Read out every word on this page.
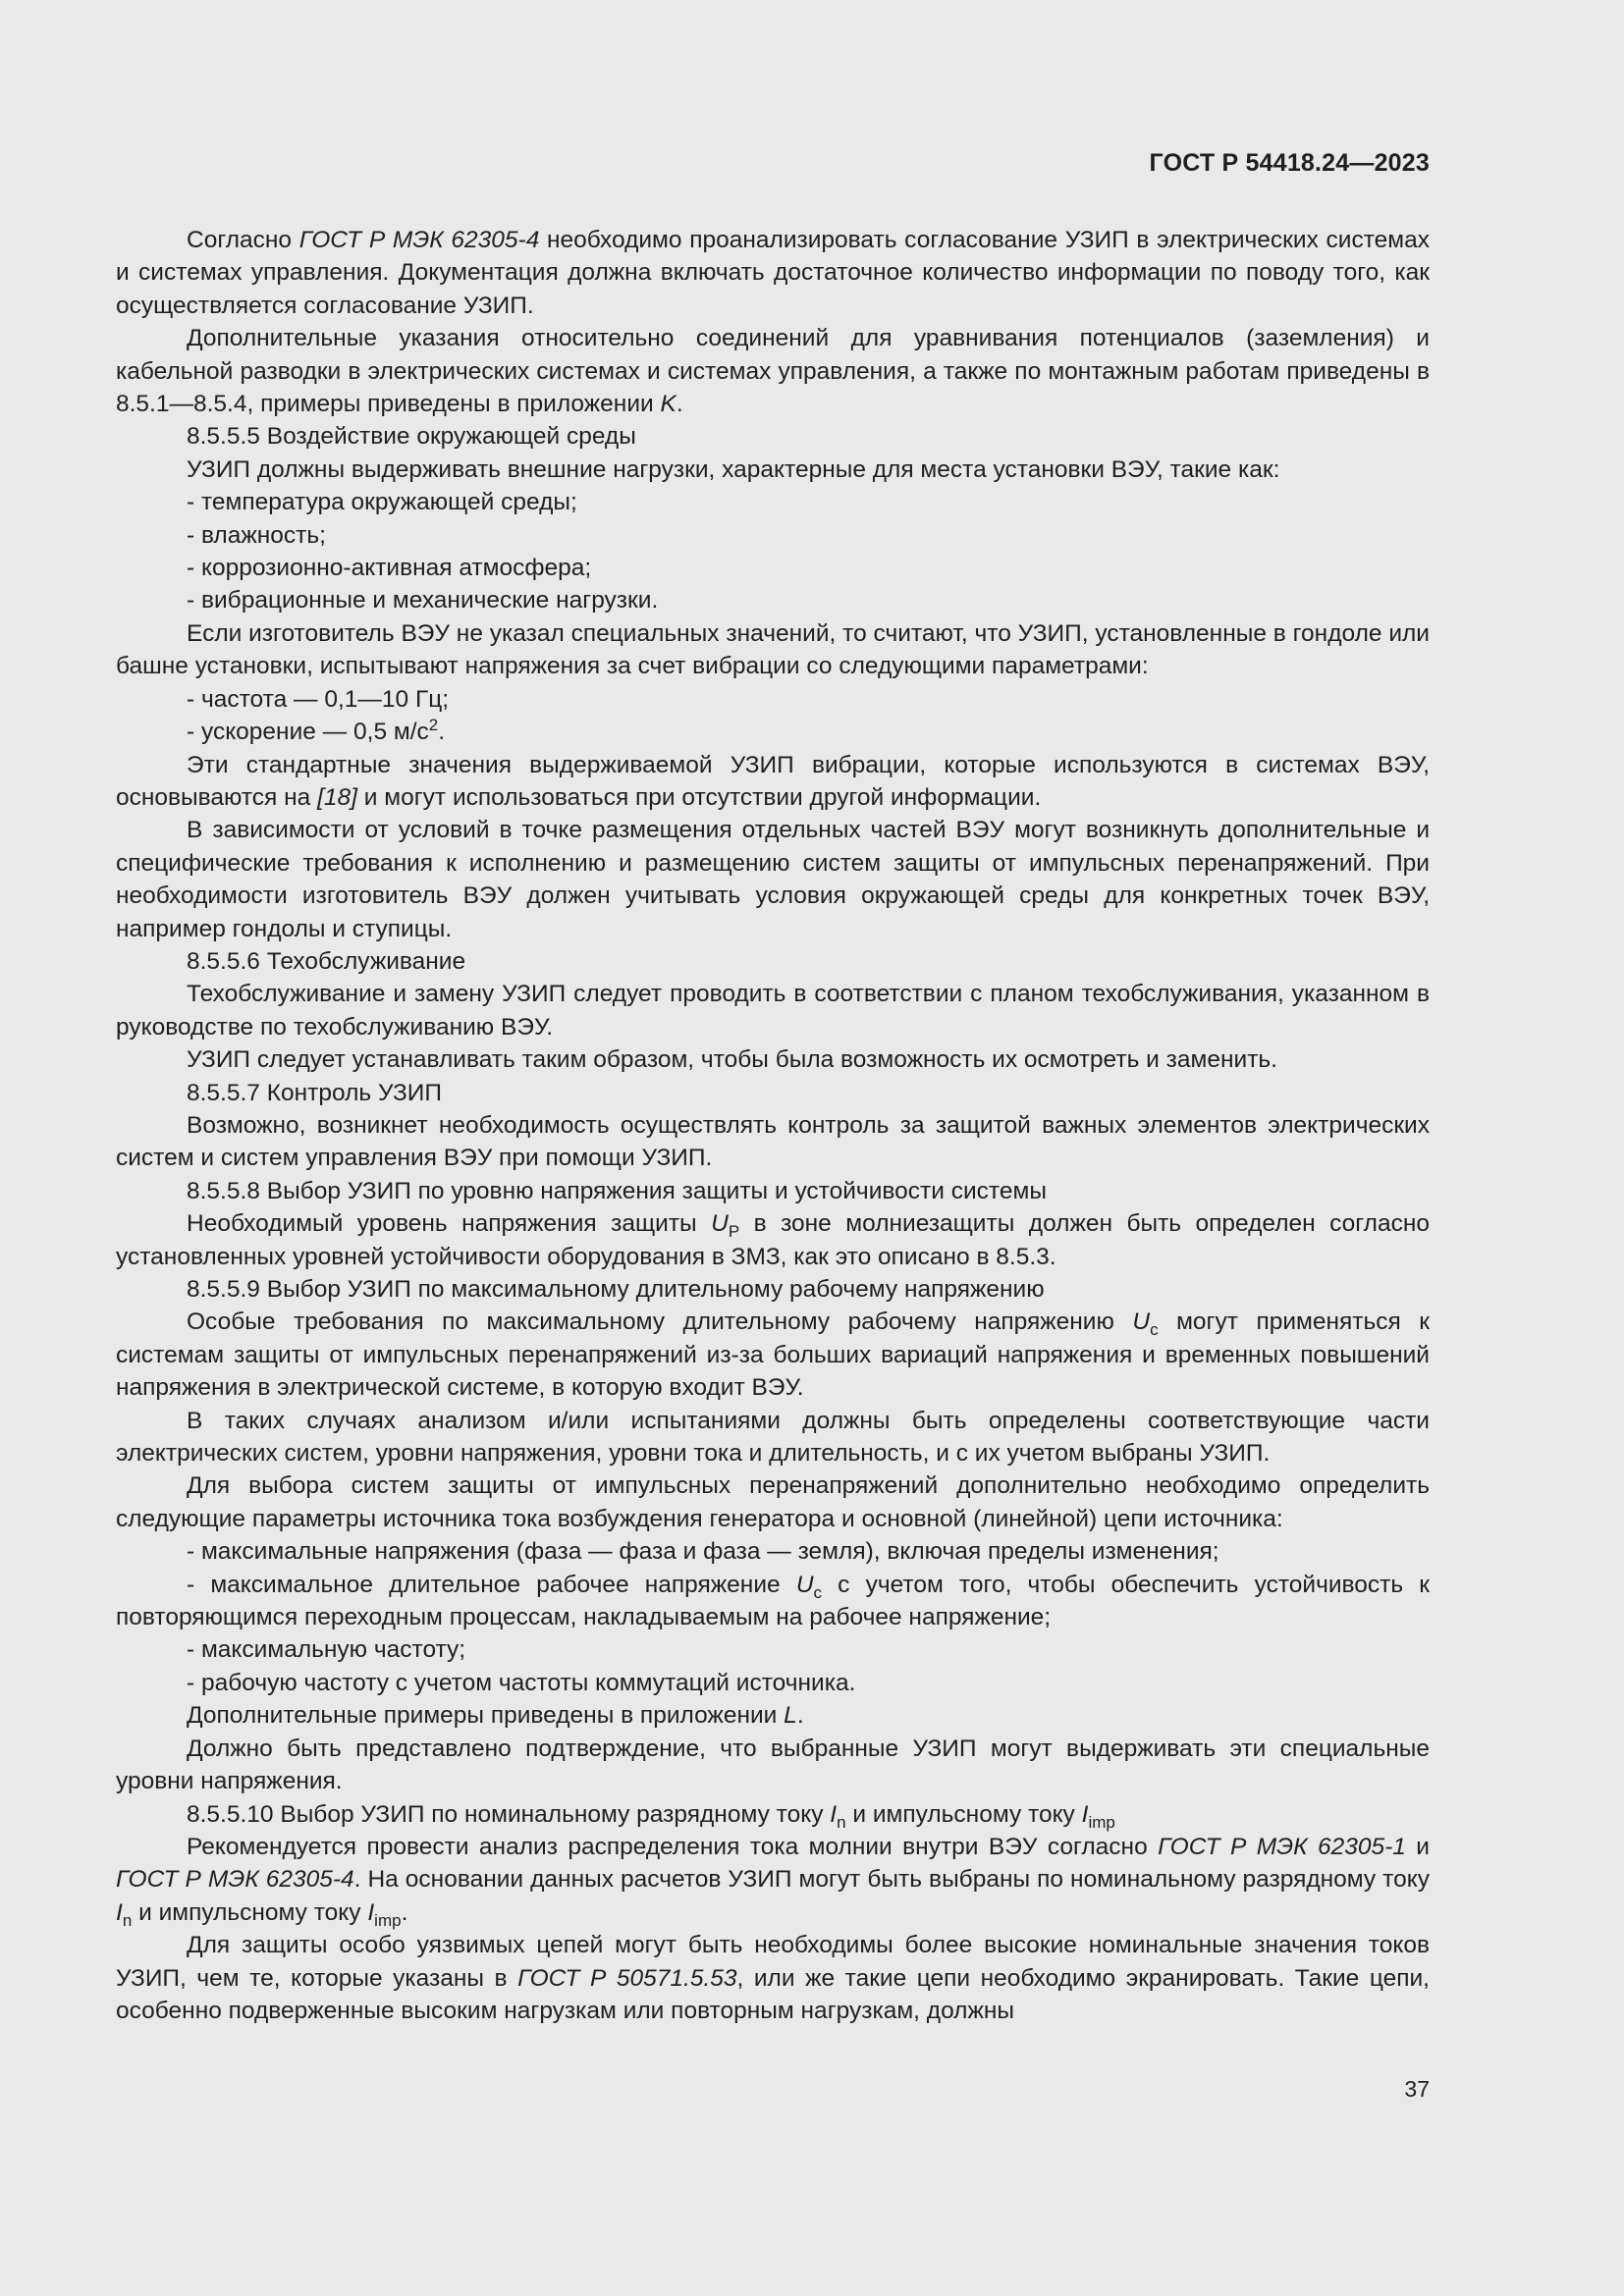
ГОСТ Р 54418.24—2023

Согласно ГОСТ Р МЭК 62305-4 необходимо проанализировать согласование УЗИП в электрических системах и системах управления. Документация должна включать достаточное количество информации по поводу того, как осуществляется согласование УЗИП.

Дополнительные указания относительно соединений для уравнивания потенциалов (заземления) и кабельной разводки в электрических системах и системах управления, а также по монтажным работам приведены в 8.5.1—8.5.4, примеры приведены в приложении K.

8.5.5.5 Воздействие окружающей среды

УЗИП должны выдерживать внешние нагрузки, характерные для места установки ВЭУ, такие как:

- температура окружающей среды;

- влажность;

- коррозионно-активная атмосфера;

- вибрационные и механические нагрузки.

Если изготовитель ВЭУ не указал специальных значений, то считают, что УЗИП, установленные в гондоле или башне установки, испытывают напряжения за счет вибрации со следующими параметрами:

- частота — 0,1—10 Гц;

- ускорение — 0,5 $м/с^2$.

Эти стандартные значения выдерживаемой УЗИП вибрации, которые используются в системах ВЭУ, основываются на [18] и могут использоваться при отсутствии другой информации.

В зависимости от условий в точке размещения отдельных частей ВЭУ могут возникнуть дополнительные и специфические требования к исполнению и размещению систем защиты от импульсных перенапряжений. При необходимости изготовитель ВЭУ должен учитывать условия окружающей среды для конкретных точек ВЭУ, например гондолы и ступицы.

8.5.5.6 Техобслуживание

Техобслуживание и замену УЗИП следует проводить в соответствии с планом техобслуживания, указанном в руководстве по техобслуживанию ВЭУ.

УЗИП следует устанавливать таким образом, чтобы была возможность их осмотреть и заменить.

8.5.5.7 Контроль УЗИП

Возможно, возникнет необходимость осуществлять контроль за защитой важных элементов электрических систем и систем управления ВЭУ при помощи УЗИП.

8.5.5.8 Выбор УЗИП по уровню напряжения защиты и устойчивости системы

Необходимый уровень напряжения защиты $U_P$ в зоне молниезащиты должен быть определен согласно установленных уровней устойчивости оборудования в ЗМЗ, как это описано в 8.5.3.

8.5.5.9 Выбор УЗИП по максимальному длительному рабочему напряжению

Особые требования по максимальному длительному рабочему напряжению $U_c$ могут применяться к системам защиты от импульсных перенапряжений из-за больших вариаций напряжения и временных повышений напряжения в электрической системе, в которую входит ВЭУ.

В таких случаях анализом и/или испытаниями должны быть определены соответствующие части электрических систем, уровни напряжения, уровни тока и длительность, и с их учетом выбраны УЗИП.

Для выбора систем защиты от импульсных перенапряжений дополнительно необходимо определить следующие параметры источника тока возбуждения генератора и основной (линейной) цепи источника:

- максимальные напряжения (фаза — фаза и фаза — земля), включая пределы изменения;

- максимальное длительное рабочее напряжение $U_c$ с учетом того, чтобы обеспечить устойчивость к повторяющимся переходным процессам, накладываемым на рабочее напряжение;

- максимальную частоту;

- рабочую частоту с учетом частоты коммутаций источника.

Дополнительные примеры приведены в приложении L.

Должно быть представлено подтверждение, что выбранные УЗИП могут выдерживать эти специальные уровни напряжения.

8.5.5.10 Выбор УЗИП по номинальному разрядному току $I_n$ и импульсному току $I_{imp}$

Рекомендуется провести анализ распределения тока молнии внутри ВЭУ согласно ГОСТ Р МЭК 62305-1 и ГОСТ Р МЭК 62305-4. На основании данных расчетов УЗИП могут быть выбраны по номинальному разрядному току $I_n$ и импульсному току $I_{imp}$.

Для защиты особо уязвимых цепей могут быть необходимы более высокие номинальные значения токов УЗИП, чем те, которые указаны в ГОСТ Р 50571.5.53, или же такие цепи необходимо экранировать. Такие цепи, особенно подверженные высоким нагрузкам или повторным нагрузкам, должны

37
